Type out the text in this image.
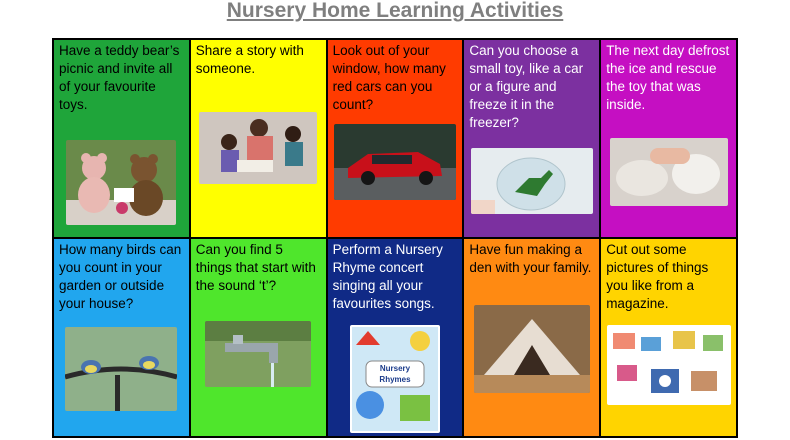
Nursery Home Learning Activities
Have a teddy bear’s picnic and invite all of your favourite toys.
Share a story with someone.
Look out of your window, how many red cars can you count?
Can you choose a small toy, like a car or a figure and freeze it in the freezer?
The next day defrost the ice and rescue the toy that was inside.
How many birds can you count in your garden or outside your house?
Can you find 5 things that start with the sound ‘t’?
Perform a Nursery Rhyme concert singing all your favourites songs.
Nursery Rhymes
Have fun making a den with your family.
Cut out some pictures of things you like from a magazine.
